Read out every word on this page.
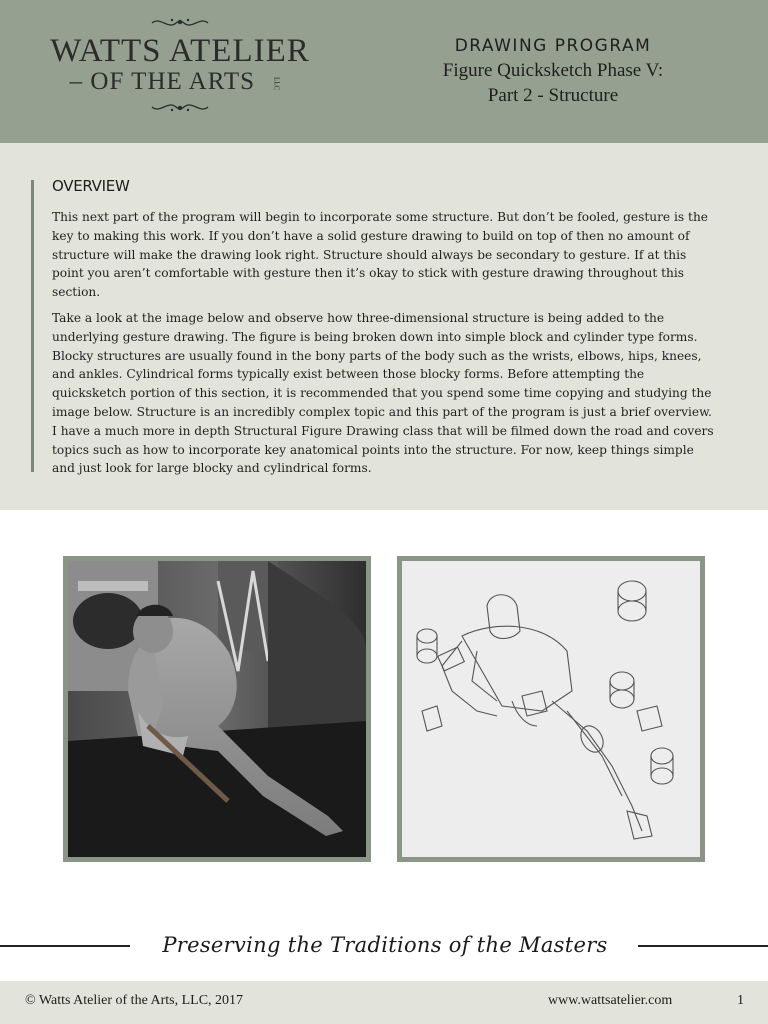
WATTS ATELIER
– OF THE ARTS LLC
DRAWING PROGRAM
Figure Quicksketch Phase V:
Part 2 - Structure
OVERVIEW

This next part of the program will begin to incorporate some structure. But don’t be fooled, gesture is the key to making this work. If you don’t have a solid gesture drawing to build on top of then no amount of structure will make the drawing look right. Structure should always be secondary to gesture. If at this point you aren’t comfortable with gesture then it’s okay to stick with gesture drawing throughout this section.

Take a look at the image below and observe how three-dimensional structure is being added to the underlying gesture drawing. The figure is being broken down into simple block and cylinder type forms. Blocky structures are usually found in the bony parts of the body such as the wrists, elbows, hips, knees, and ankles. Cylindrical forms typically exist between those blocky forms. Before attempting the quicksketch portion of this section, it is recommended that you spend some time copying and studying the image below. Structure is an incredibly complex topic and this part of the program is just a brief overview. I have a much more in depth Structural Figure Drawing class that will be filmed down the road and covers topics such as how to incorporate key anatomical points into the structure. For now, keep things simple and just look for large blocky and cylindrical forms.

Preserving the Traditions of the Masters
© Watts Atelier of the Arts, LLC, 2017	www.wattsatelier.com	1
